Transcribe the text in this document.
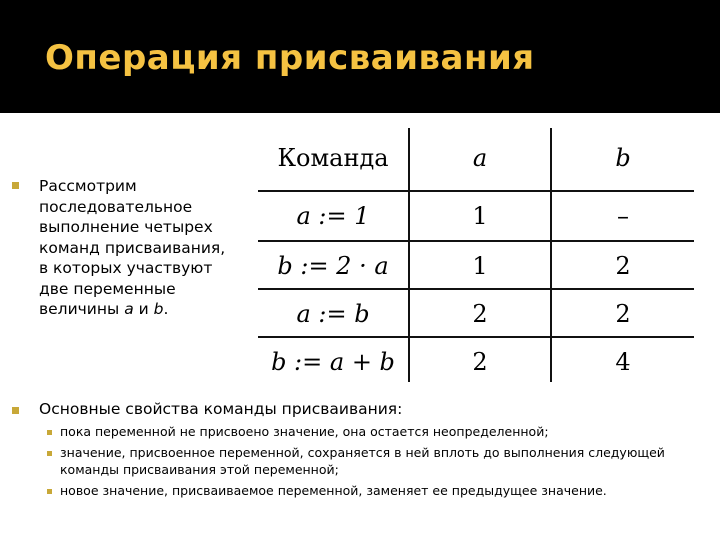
Операция присваивания
Рассмотрим последовательное выполнение четырех команд присваивания, в которых участвуют две переменные величины a и b.
Команда	a	b
a := 1	1	–
b := 2 · a	1	2
a := b	2	2
b := a + b	2	4
Основные свойства команды присваивания:
пока переменной не присвоено значение, она остается неопределенной;
значение, присвоенное переменной, сохраняется в ней вплоть до выполнения следующей команды присваивания этой переменной;
новое значение, присваиваемое переменной, заменяет ее предыдущее значение.
